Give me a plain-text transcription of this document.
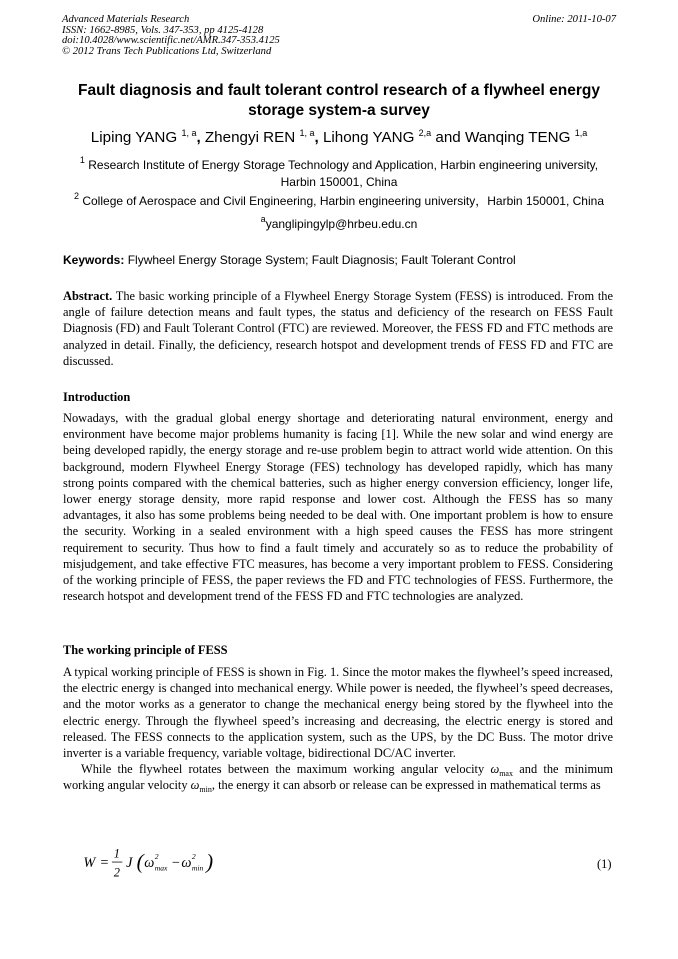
Advanced Materials Research
ISSN: 1662-8985, Vols. 347-353, pp 4125-4128
doi:10.4028/www.scientific.net/AMR.347-353.4125
© 2012 Trans Tech Publications Ltd, Switzerland
Online: 2011-10-07
Fault diagnosis and fault tolerant control research of a flywheel energy
storage system-a survey
Liping YANG $^{1, a}$, Zhengyi REN $^{1, a}$, Lihong YANG $^{2,a}$ and Wanqing TENG $^{1,a}$
$^1$ Research Institute of Energy Storage Technology and Application, Harbin engineering university,
Harbin 150001, China
$^2$ College of Aerospace and Civil Engineering, Harbin engineering university，Harbin 150001, China
$^a$yanglipingylp@hrbeu.edu.cn
Keywords: Flywheel Energy Storage System; Fault Diagnosis; Fault Tolerant Control
Abstract. The basic working principle of a Flywheel Energy Storage System (FESS) is introduced. From the angle of failure detection means and fault types, the status and deficiency of the research on FESS Fault Diagnosis (FD) and Fault Tolerant Control (FTC) are reviewed. Moreover, the FESS FD and FTC methods are analyzed in detail. Finally, the deficiency, research hotspot and development trends of FESS FD and FTC are discussed.
Introduction
Nowadays, with the gradual global energy shortage and deteriorating natural environment, energy and environment have become major problems humanity is facing [1]. While the new solar and wind energy are being developed rapidly, the energy storage and re-use problem begin to attract world wide attention. On this background, modern Flywheel Energy Storage (FES) technology has developed rapidly, which has many strong points compared with the chemical batteries, such as higher energy conversion efficiency, longer life, lower energy storage density, more rapid response and lower cost. Although the FESS has so many advantages, it also has some problems being needed to be deal with. One important problem is how to ensure the security. Working in a sealed environment with a high speed causes the FESS has more stringent requirement to security. Thus how to find a fault timely and accurately so as to reduce the probability of misjudgement, and take effective FTC measures, has become a very important problem to FESS. Considering of the working principle of FESS, the paper reviews the FD and FTC technologies of FESS. Furthermore, the research hotspot and development trend of the FESS FD and FTC technologies are analyzed.
The working principle of FESS
A typical working principle of FESS is shown in Fig. 1. Since the motor makes the flywheel’s speed increased, the electric energy is changed into mechanical energy. While power is needed, the flywheel’s speed decreases, and the motor works as a generator to change the mechanical energy being stored by the flywheel into the electric energy. Through the flywheel speed’s increasing and decreasing, the electric energy is stored and released. The FESS connects to the application system, such as the UPS, by the DC Buss. The motor drive inverter is a variable frequency, variable voltage, bidirectional DC/AC inverter.
While the flywheel rotates between the maximum working angular velocity $\omega_{max}$ and the minimum working angular velocity $\omega_{min}$, the energy it can absorb or release can be expressed in mathematical terms as
W =
1
2
J ( ω 2
max − ω 2
min )	(1)
